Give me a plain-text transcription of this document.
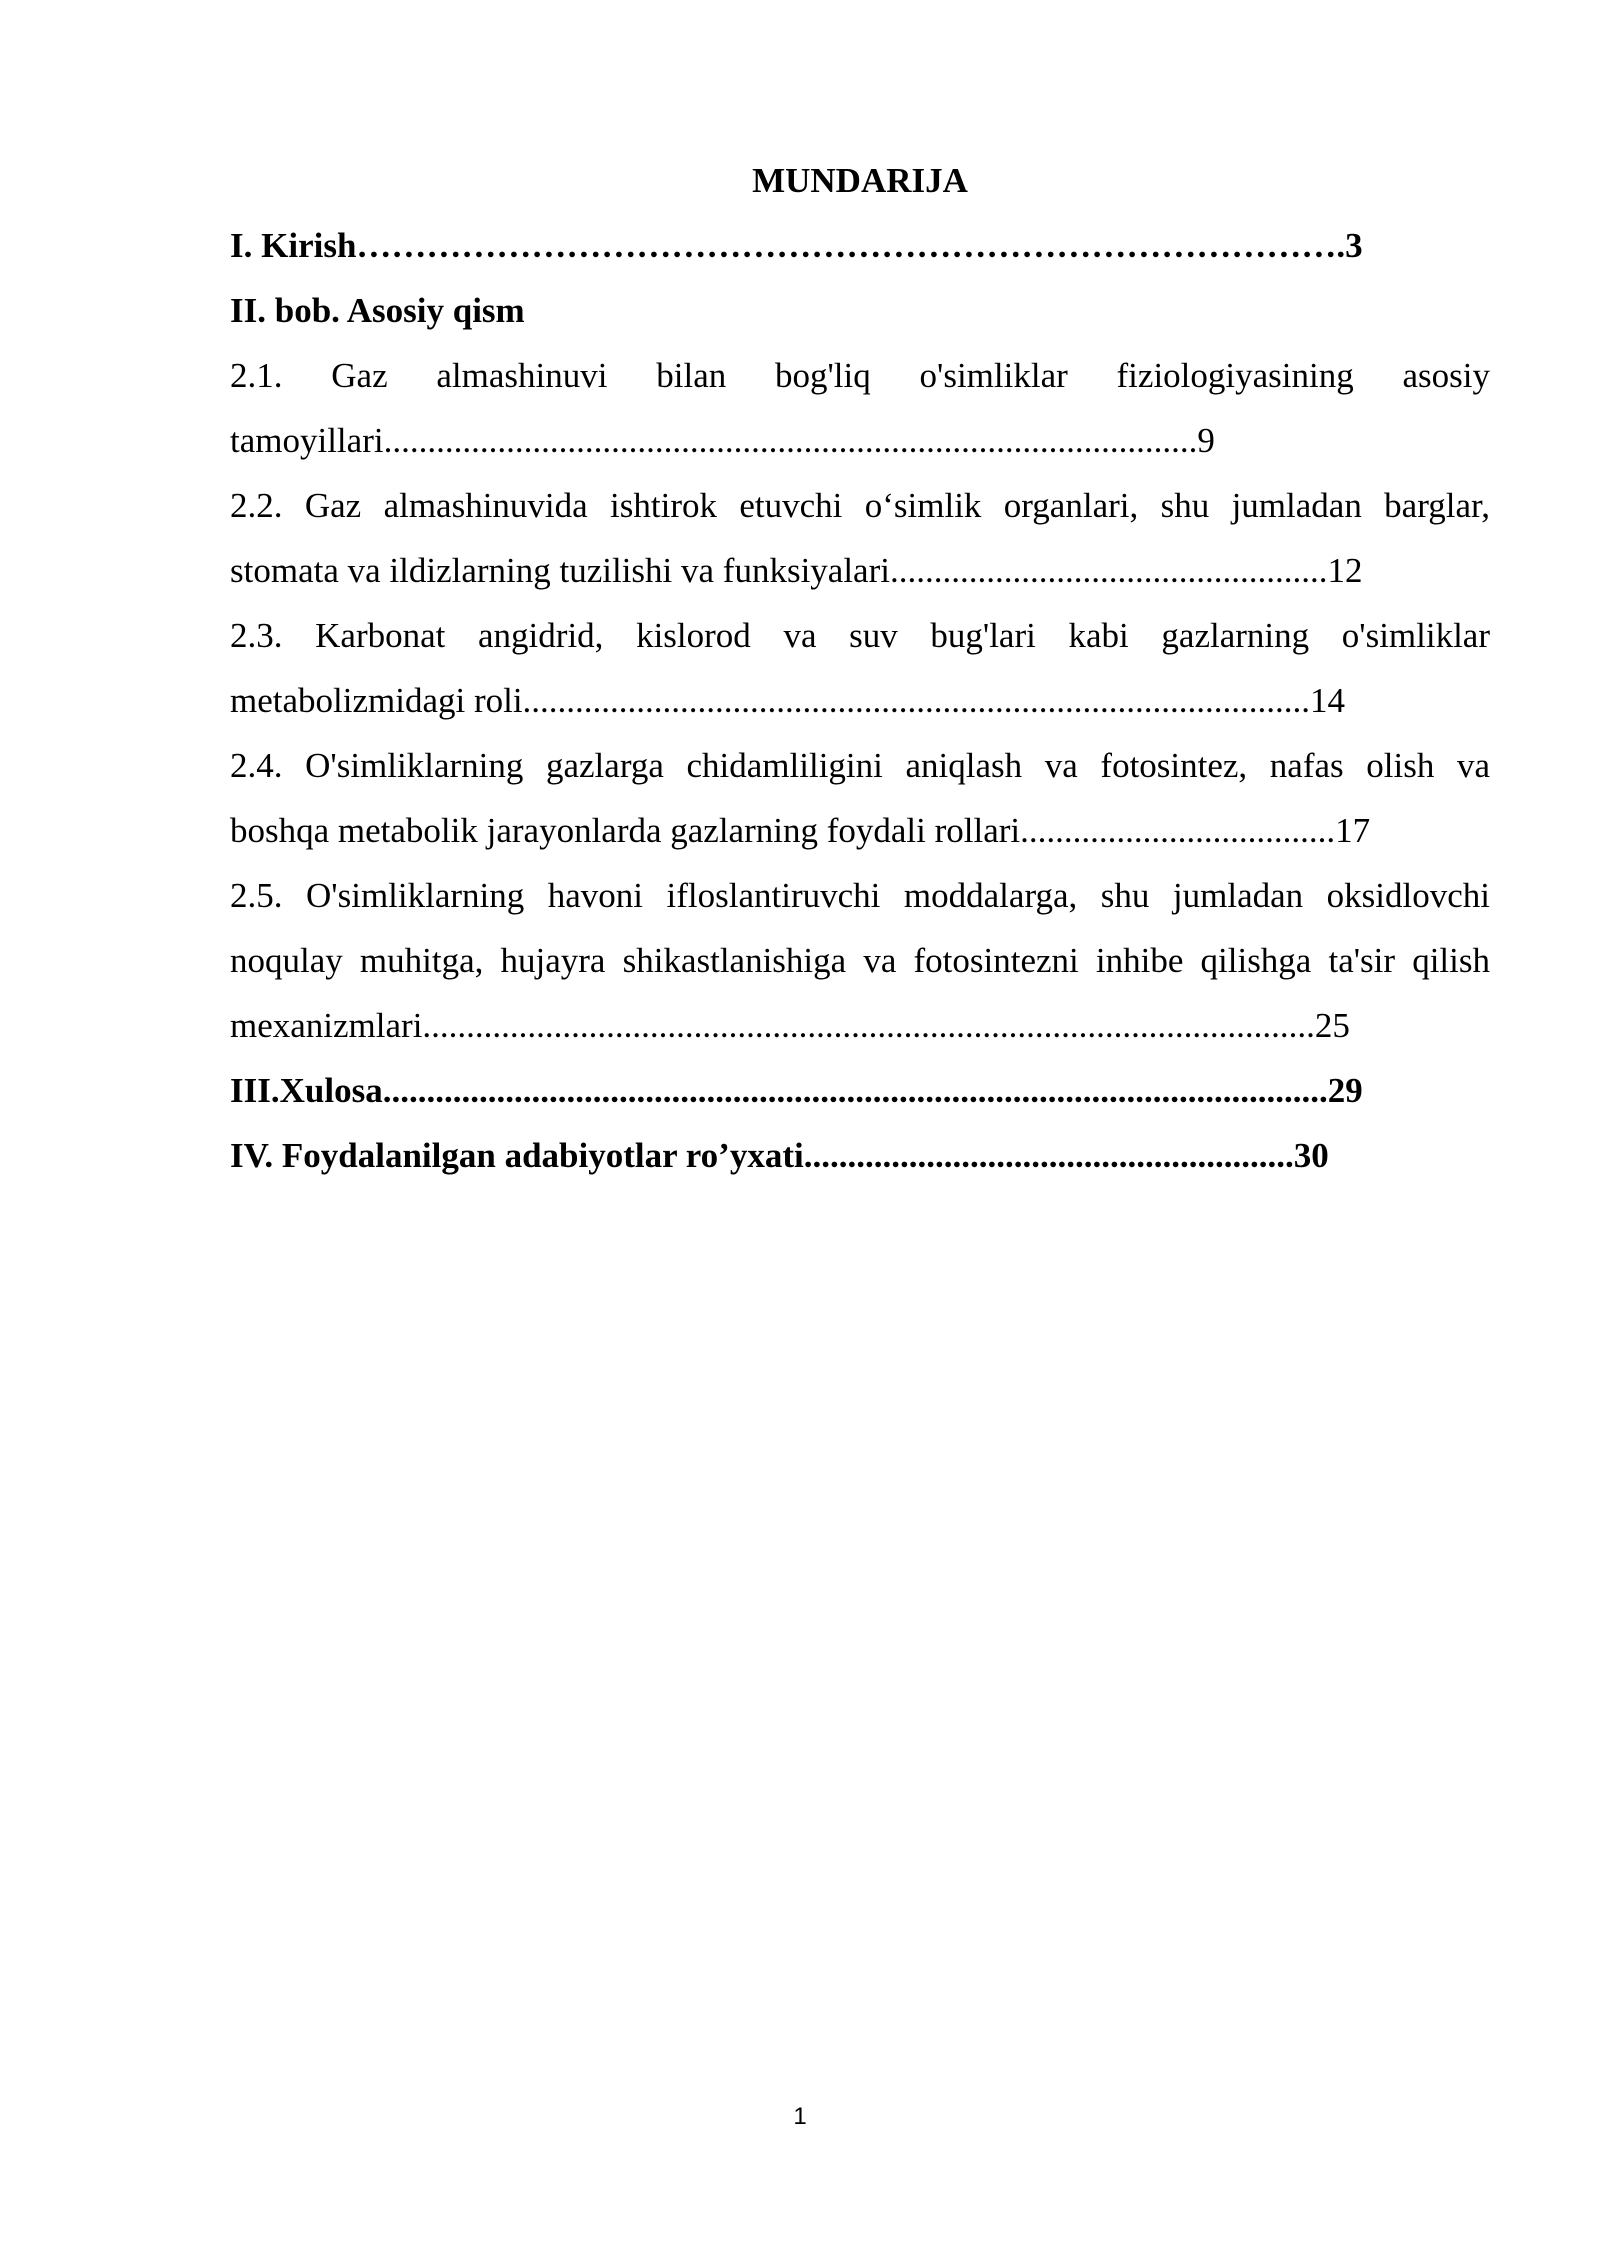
MUNDARIJA
I. Kirish………………………………………………………………………….3
II. bob. Asosiy qism
2.1. Gaz almashinuvi bilan bog'liq o'simliklar fiziologiyasining asosiy
tamoyillari.............................................................................................9
2.2. Gaz almashinuvida ishtirok etuvchi o‘simlik organlari, shu jumladan barglar,
stomata va ildizlarning tuzilishi va funksiyalari..................................................12
2.3. Karbonat angidrid, kislorod va suv bug'lari kabi gazlarning o'simliklar
metabolizmidagi roli..........................................................................................14
2.4. O'simliklarning gazlarga chidamliligini aniqlash va fotosintez, nafas olish va
boshqa metabolik jarayonlarda gazlarning foydali rollari....................................17
2.5. O'simliklarning havoni ifloslantiruvchi moddalarga, shu jumladan oksidlovchi
noqulay muhitga, hujayra shikastlanishiga va fotosintezni inhibe qilishga ta'sir qilish
mexanizmlari......................................................................................................25
III.Xulosa............................................................................................................29
IV. Foydalanilgan adabiyotlar ro’yxati........................................................30
1
